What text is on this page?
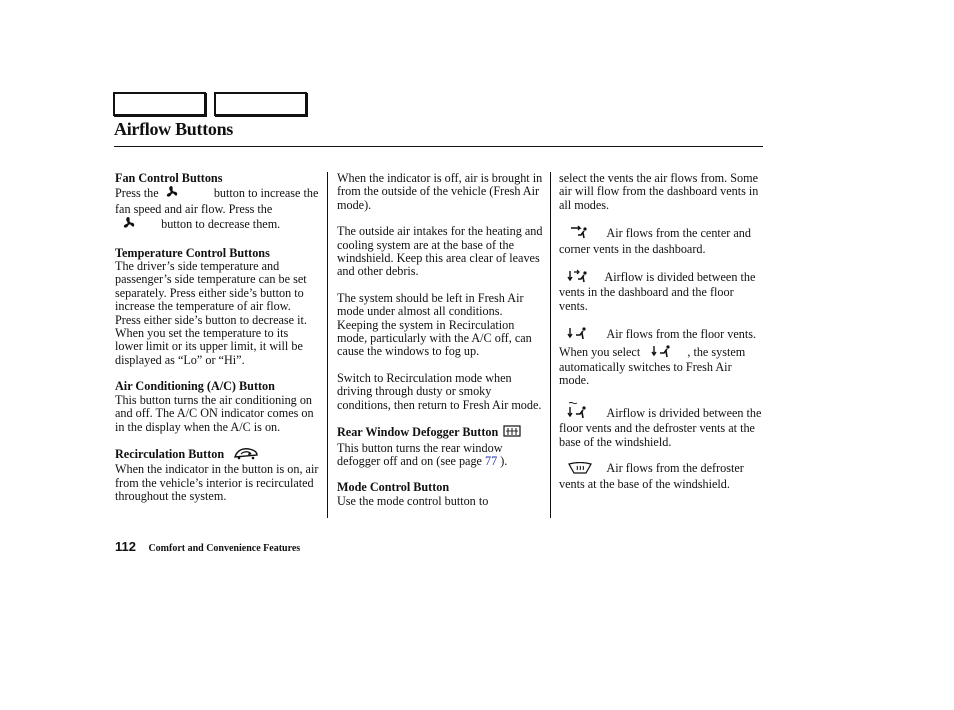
Airflow Buttons

Fan Control Buttons

Press the	button to increase the fan speed and air flow. Press the
button to decrease them.

Temperature Control Buttons

The driver’s side temperature and passenger’s side temperature can be set separately. Press either side’s button to increase the temperature of air flow. Press either side’s button to decrease it. When you set the temperature to its lower limit or its upper limit, it will be displayed as “Lo” or “Hi”.

Air Conditioning (A/C) Button

This button turns the air conditioning on and off. The A/C ON indicator comes on in the display when the A/C is on.

Recirculation Button

When the indicator in the button is on, air from the vehicle’s interior is recirculated throughout the system.

When the indicator is off, air is brought in from the outside of the vehicle (Fresh Air mode).

The outside air intakes for the heating and cooling system are at the base of the windshield. Keep this area clear of leaves and other debris.

The system should be left in Fresh Air mode under almost all conditions. Keeping the system in Recirculation mode, particularly with the A/C off, can cause the windows to fog up.

Switch to Recirculation mode when driving through dusty or smoky conditions, then return to Fresh Air mode.

Rear Window Defogger Button

This button turns the rear window defogger off and on (see page 77 ).

Mode Control Button

Use the mode control button to

select the vents the air flows from. Some air will flow from the dashboard vents in all modes.

Air flows from the center and corner vents in the dashboard.

Airflow is divided between the vents in the dashboard and the floor vents.

Air flows from the floor vents. When you select	, the system automatically switches to Fresh Air mode.

Airflow is drivided between the floor vents and the defroster vents at the base of the windshield.

Air flows from the defroster vents at the base of the windshield.

112 Comfort and Convenience Features
